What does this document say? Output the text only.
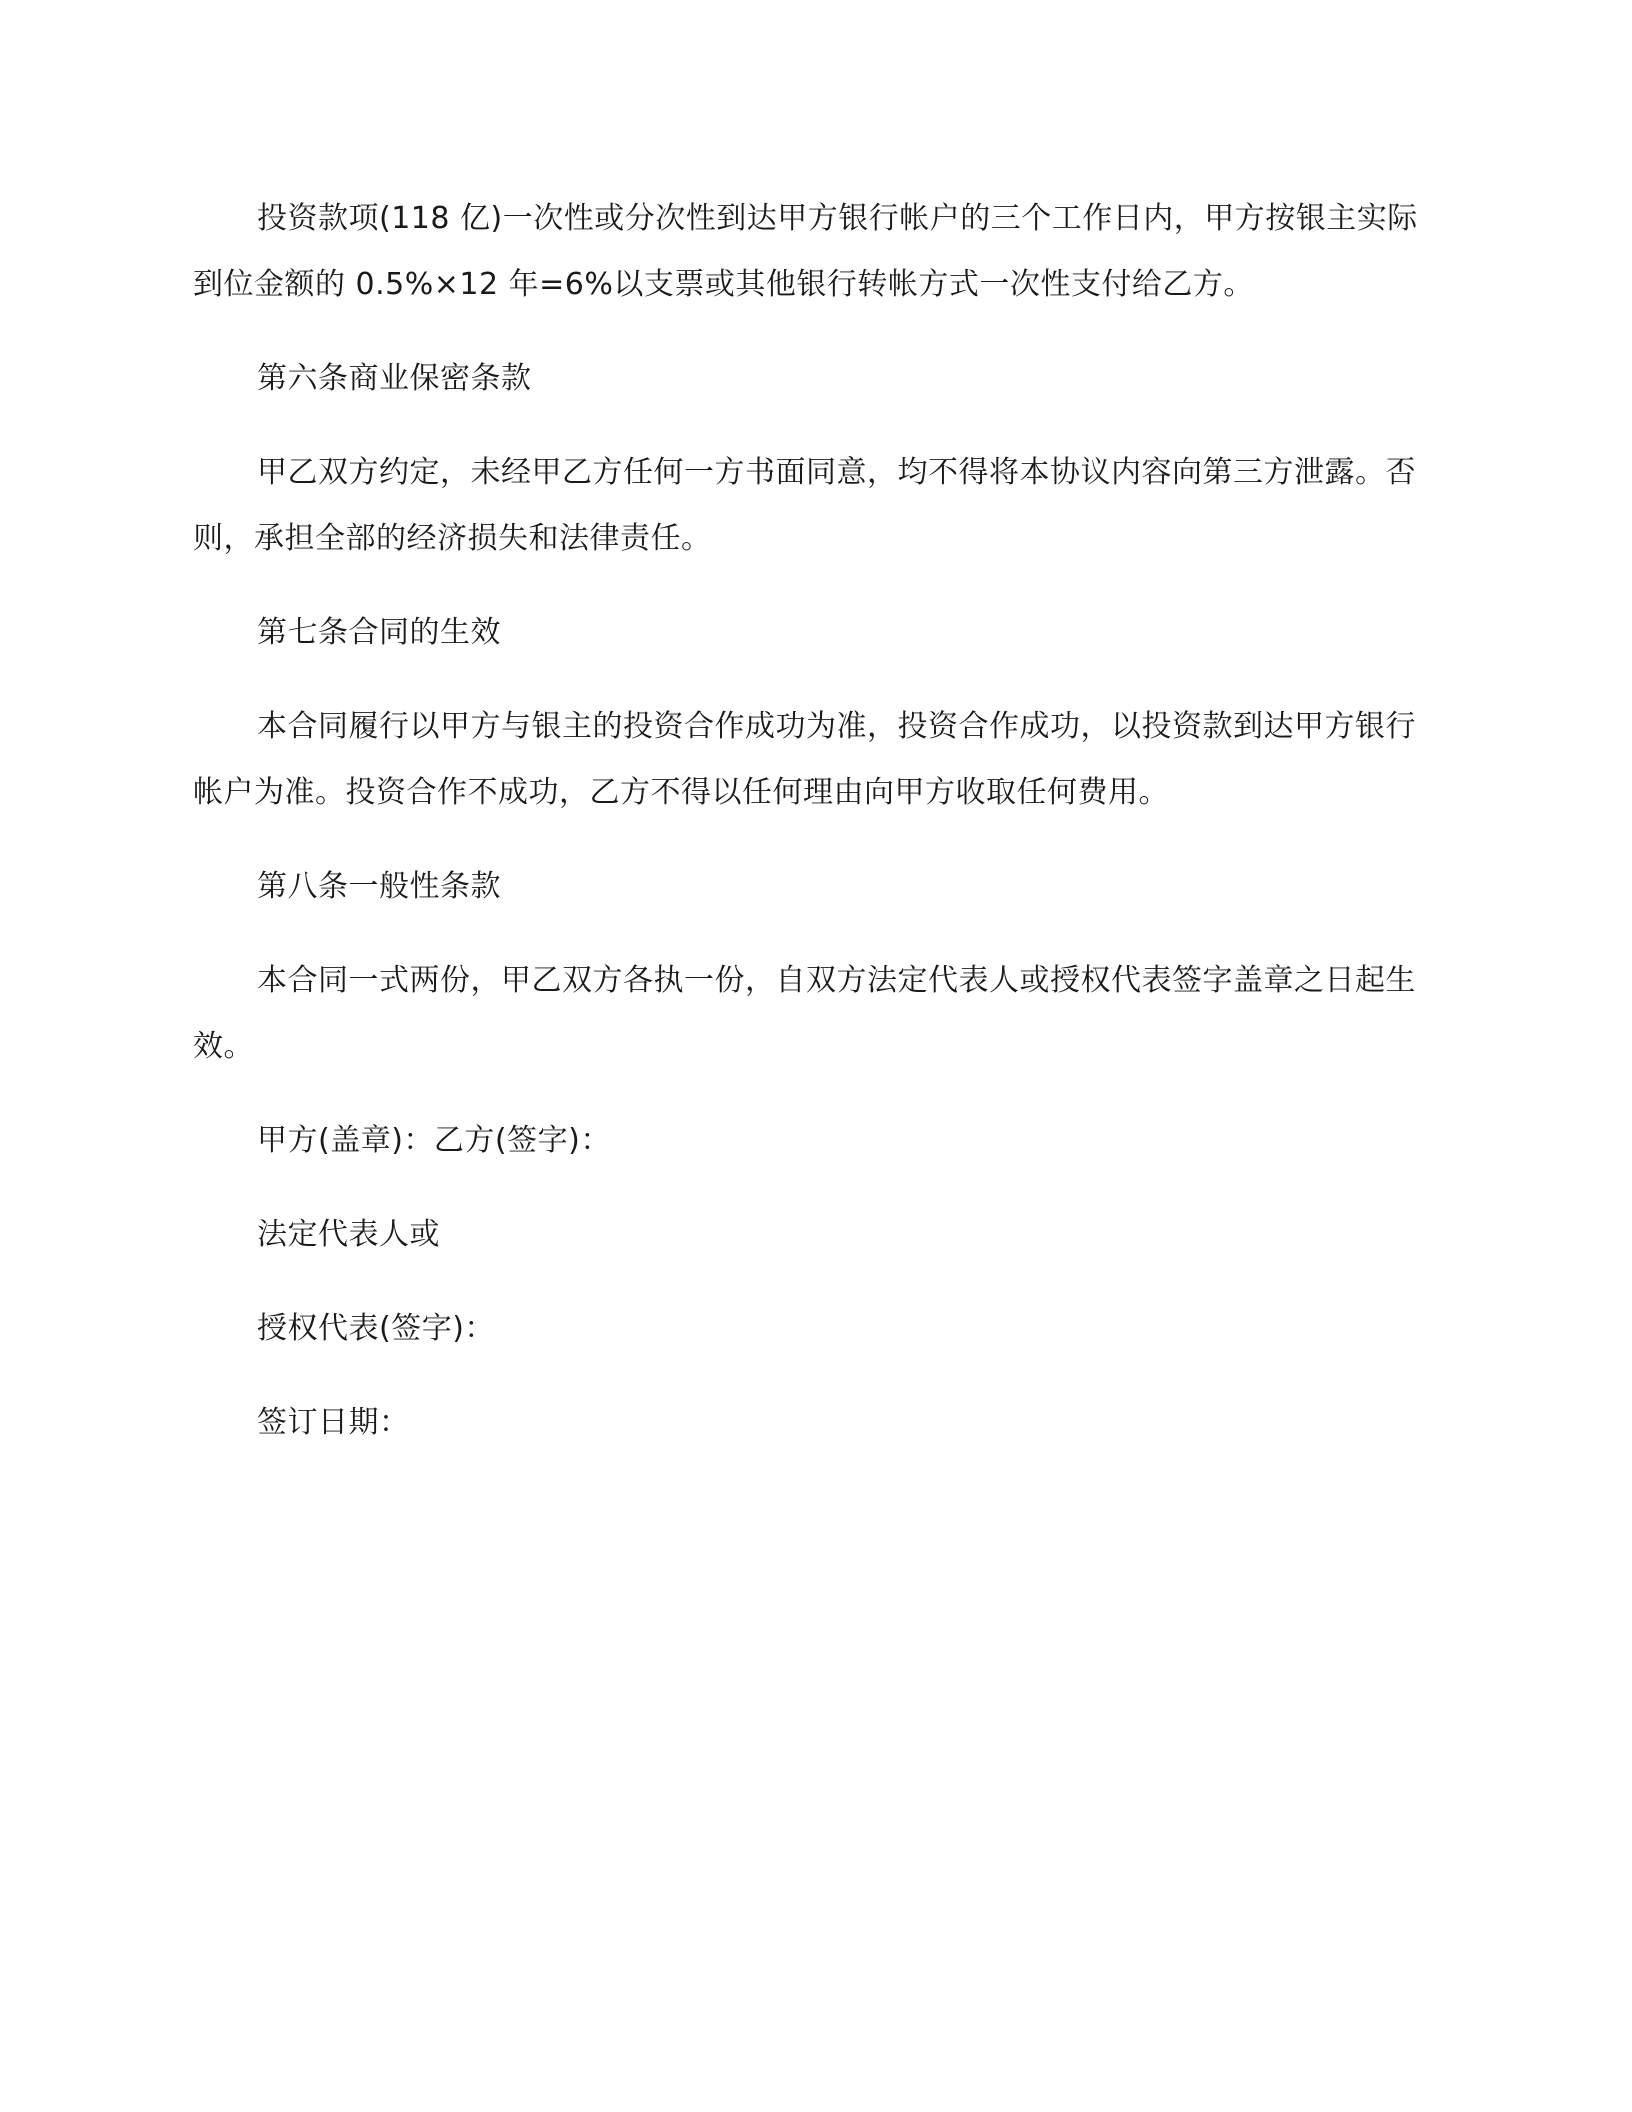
投资款项(118 亿)一次性或分次性到达甲方银行帐户的三个工作日内，甲方按银主实际到位金额的 0.5%×12 年=6%以支票或其他银行转帐方式一次性支付给乙方。

第六条商业保密条款

甲乙双方约定，未经甲乙方任何一方书面同意，均不得将本协议内容向第三方泄露。否则，承担全部的经济损失和法律责任。

第七条合同的生效

本合同履行以甲方与银主的投资合作成功为准，投资合作成功，以投资款到达甲方银行帐户为准。投资合作不成功，乙方不得以任何理由向甲方收取任何费用。

第八条一般性条款

本合同一式两份，甲乙双方各执一份，自双方法定代表人或授权代表签字盖章之日起生效。

甲方(盖章)：乙方(签字)：

法定代表人或

授权代表(签字)：

签订日期：
